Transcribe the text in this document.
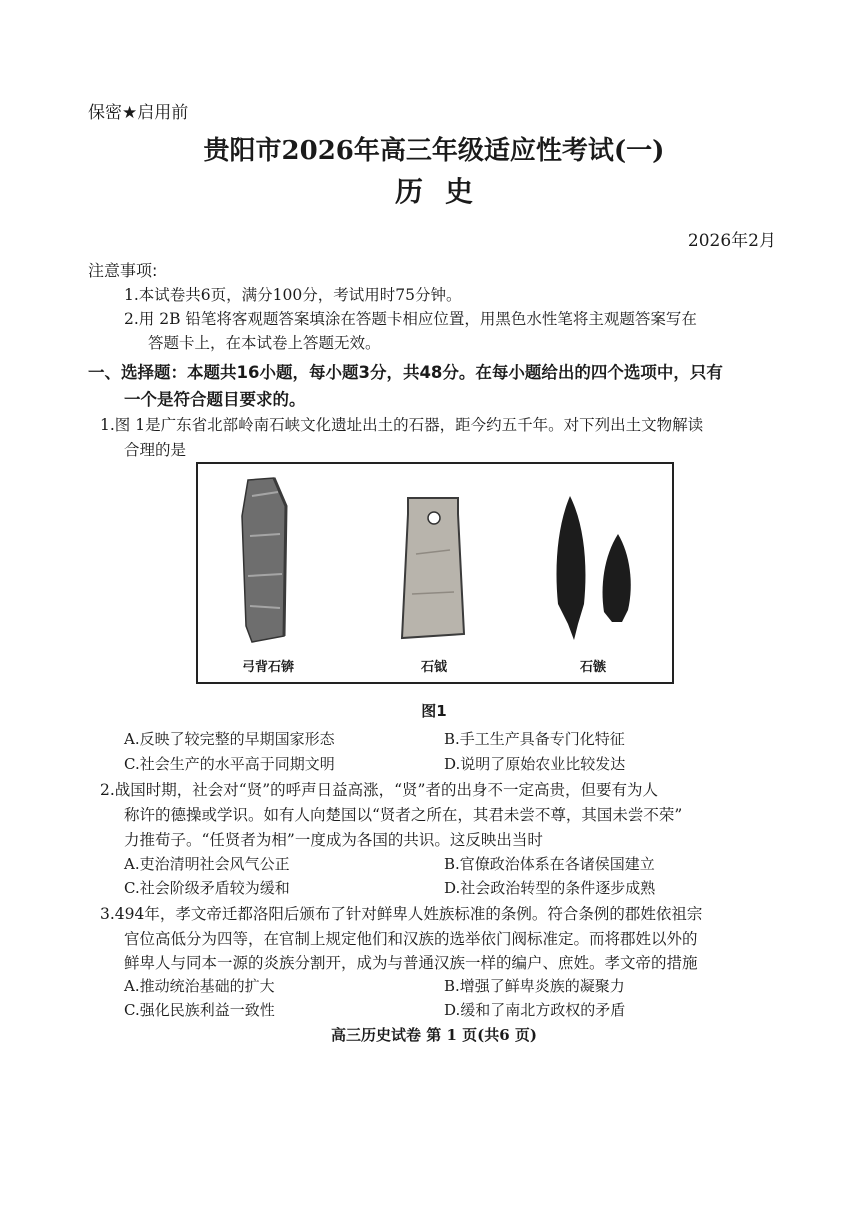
保密★启用前
贵阳市2026年高三年级适应性考试(一)
历史
2026年2月
注意事项:
1.本试卷共6页，满分100分，考试用时75分钟。
2.用 2B 铅笔将客观题答案填涂在答题卡相应位置，用黑色水性笔将主观题答案写在
答题卡上，在本试卷上答题无效。
一、选择题：本题共16小题，每小题3分，共48分。在每小题给出的四个选项中，只有
一个是符合题目要求的。
1.图 1是广东省北部岭南石峡文化遗址出土的石器，距今约五千年。对下列出土文物解读
合理的是
弓背石锛	石钺	石镞
图1
A.反映了较完整的早期国家形态	B.手工生产具备专门化特征
C.社会生产的水平高于同期文明	D.说明了原始农业比较发达
2.战国时期，社会对“贤”的呼声日益高涨，“贤”者的出身不一定高贵，但要有为人
称许的德操或学识。如有人向楚国以“贤者之所在，其君未尝不尊，其国未尝不荣”
力推荀子。“任贤者为相”一度成为各国的共识。这反映出当时
A.吏治清明社会风气公正	B.官僚政治体系在各诸侯国建立
C.社会阶级矛盾较为缓和	D.社会政治转型的条件逐步成熟
3.494年，孝文帝迁都洛阳后颁布了针对鲜卑人姓族标准的条例。符合条例的郡姓依祖宗
官位高低分为四等，在官制上规定他们和汉族的选举依门阀标准定。而将郡姓以外的
鲜卑人与同本一源的炎族分割开，成为与普通汉族一样的编户、庶姓。孝文帝的措施
A.推动统治基础的扩大	B.增强了鲜卑炎族的凝聚力
C.强化民族利益一致性	D.缓和了南北方政权的矛盾
高三历史试卷 第 1 页(共6 页)
